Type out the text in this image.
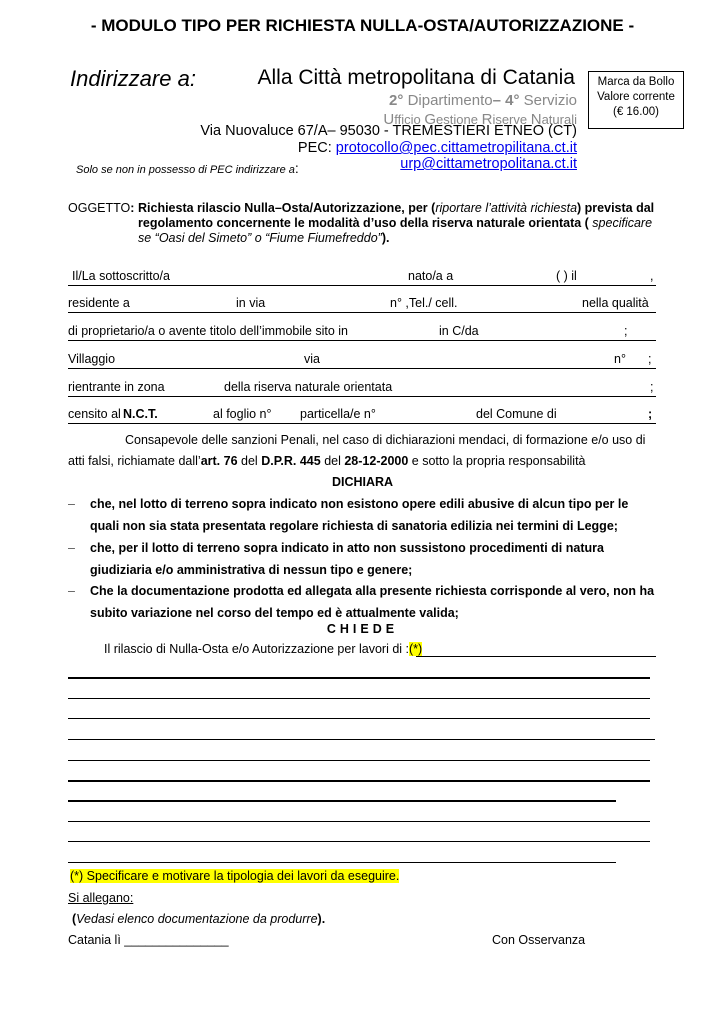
- MODULO TIPO PER RICHIESTA NULLA-OSTA/AUTORIZZAZIONE -
Indirizzare a:	Alla Città metropolitana di Catania
2° Dipartimento– 4° Servizio
Ufficio Gestione Riserve Naturali
Via Nuovaluce 67/A– 95030 - TREMESTIERI ETNEO (CT)
PEC: protocollo@pec.cittametropilitana.ct.it
Solo se non in possesso di PEC indirizzare a:	urp@cittametropolitana.ct.it
Marca da Bollo
Valore corrente
(€ 16.00)
OGGETTO: Richiesta rilascio Nulla–Osta/Autorizzazione, per (riportare l’attività richiesta) prevista dal regolamento concernente le modalità d’uso della riserva naturale orientata ( specificare se “Oasi del Simeto” o “Fiume Fiumefreddo”).
Il/La sottoscritto/a	nato/a a	( ) il	,
residente a	in via	n° ,Tel./ cell.	nella qualità
di proprietario/a o avente titolo dell’immobile sito in	in C/da	;
Villaggio	via	n° ;
rientrante in zona	della riserva naturale orientata	;
censito al N.C.T.	al foglio n° particella/e n°	del Comune di	;
Consapevole delle sanzioni Penali, nel caso di dichiarazioni mendaci, di formazione e/o uso di atti falsi, richiamate dall’art. 76 del D.P.R. 445 del 28-12-2000 e sotto la propria responsabilità
DICHIARA
– che, nel lotto di terreno sopra indicato non esistono opere edili abusive di alcun tipo per le quali non sia stata presentata regolare richiesta di sanatoria edilizia nei termini di Legge;
– che, per il lotto di terreno sopra indicato in atto non sussistono procedimenti di natura giudiziaria e/o amministrativa di nessun tipo e genere;
– Che la documentazione prodotta ed allegata alla presente richiesta corrisponde al vero, non ha subito variazione nel corso del tempo ed è attualmente valida;
CHIEDE
Il rilascio di Nulla-Osta e/o Autorizzazione per lavori di :(*)
(*) Specificare e motivare la tipologia dei lavori da eseguire.
Si allegano:
(Vedasi elenco documentazione da produrre).
Catania lì _______________	Con Osservanza
